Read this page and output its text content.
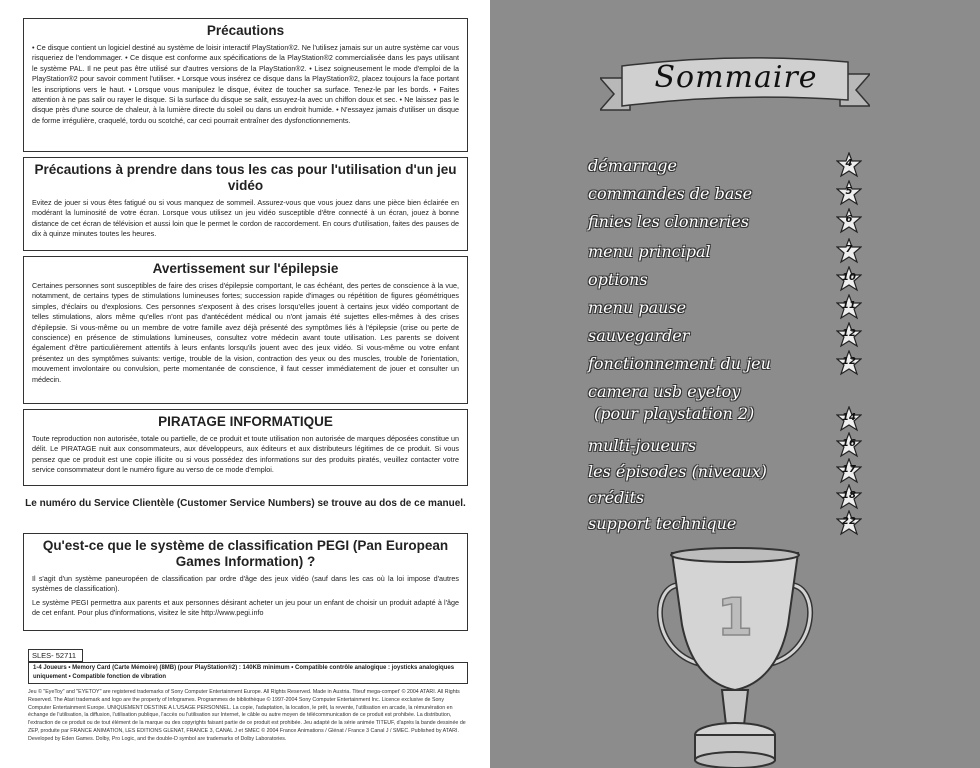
Précautions

• Ce disque contient un logiciel destiné au système de loisir interactif PlayStation®2. Ne l'utilisez jamais sur un autre système car vous risqueriez de l'endommager. • Ce disque est conforme aux spécifications de la PlayStation®2 commercialisée dans les pays utilisant le système PAL. Il ne peut pas être utilisé sur d'autres versions de la PlayStation®2. • Lisez soigneusement le mode d'emploi de la PlayStation®2 pour savoir comment l'utiliser. • Lorsque vous insérez ce disque dans la PlayStation®2, placez toujours la face portant les inscriptions vers le haut. • Lorsque vous manipulez le disque, évitez de toucher sa surface. Tenez-le par les bords. • Faites attention à ne pas salir ou rayer le disque. Si la surface du disque se salit, essuyez-la avec un chiffon doux et sec. • Ne laissez pas le disque près d'une source de chaleur, à la lumière directe du soleil ou dans un endroit humide. • N'essayez jamais d'utiliser un disque de forme irrégulière, craquelé, tordu ou scotché, car ceci pourrait entraîner des dysfonctionnements.

Précautions à prendre dans tous les cas pour l'utilisation d'un jeu vidéo

Evitez de jouer si vous êtes fatigué ou si vous manquez de sommeil. Assurez-vous que vous jouez dans une pièce bien éclairée en modérant la luminosité de votre écran. Lorsque vous utilisez un jeu vidéo susceptible d'être connecté à un écran, jouez à bonne distance de cet écran de télévision et aussi loin que le permet le cordon de raccordement. En cours d'utilisation, faites des pauses de dix à quinze minutes toutes les heures.

Avertissement sur l'épilepsie

Certaines personnes sont susceptibles de faire des crises d'épilepsie comportant, le cas échéant, des pertes de conscience à la vue, notamment, de certains types de stimulations lumineuses fortes; succession rapide d'images ou répétition de figures géométriques simples, d'éclairs ou d'explosions. Ces personnes s'exposent à des crises lorsqu'elles jouent à certains jeux vidéo comportant de telles stimulations, alors même qu'elles n'ont pas d'antécédent médical ou n'ont jamais été sujettes elles-mêmes à des crises d'épilepsie. Si vous-même ou un membre de votre famille avez déjà présenté des symptômes liés à l'épilepsie (crise ou perte de conscience) en présence de stimulations lumineuses, consultez votre médecin avant toute utilisation. Les parents se doivent également d'être particulièrement attentifs à leurs enfants lorsqu'ils jouent avec des jeux vidéo. Si vous-même ou votre enfant présentez un des symptômes suivants: vertige, trouble de la vision, contraction des yeux ou des muscles, trouble de l'orientation, mouvement involontaire ou convulsion, perte momentanée de conscience, il faut cesser immédiatement de jouer et consulter un médecin.

PIRATAGE INFORMATIQUE

Toute reproduction non autorisée, totale ou partielle, de ce produit et toute utilisation non autorisée de marques déposées constitue un délit. Le PIRATAGE nuit aux consommateurs, aux développeurs, aux éditeurs et aux distributeurs légitimes de ce produit. Si vous pensez que ce produit est une copie illicite ou si vous possédez des informations sur des produits piratés, veuillez contacter votre service consommateur dont le numéro figure au verso de ce mode d'emploi.

Le numéro du Service Clientèle (Customer Service Numbers) se trouve au dos de ce manuel.
Qu'est-ce que le système de classification PEGI (Pan European Games Information) ?

Il s'agit d'un système paneuropéen de classification par ordre d'âge des jeux vidéo (sauf dans les cas où la loi impose d'autres systèmes de classification).

Le système PEGI permettra aux parents et aux personnes désirant acheter un jeu pour un enfant de choisir un produit adapté à l'âge de cet enfant. Pour plus d'informations, visitez le site http://www.pegi.info

SLES- 52711
1-4 Joueurs • Memory Card (Carte Mémoire) (8MB) (pour PlayStation®2) : 140KB minimum • Compatible contrôle analogique : joysticks analogiques uniquement • Compatible fonction de vibration
Jeu © "EyeToy" and "EYETOY" are registered trademarks of Sony Computer Entertainment Europe. All Rights Reserved. Made in Austria. Titeuf mega-compet' © 2004 ATARI. All Rights Reserved. The Atari trademark and logo are the property of Infogrames. Programmes de bibliothèque © 1997-2004 Sony Computer Entertainment Inc. Licence exclusive de Sony Computer Entertainment Europe. UNIQUEMENT DESTINE A L'USAGE PERSONNEL. La copie, l'adaptation, la location, le prêt, la revente, l'utilisation en arcade, la rémunération en échange de l'utilisation, la diffusion, l'utilisation publique, l'accès ou l'utilisation sur Internet, le câble ou autre moyen de télécommunication de ce produit est prohibée. La distribution, l'extraction de ce produit ou de tout élément de la marque ou des copyrights faisant partie de ce produit est prohibée. Jeu adapté de la série animée TITEUF, d'après la bande dessinée de ZEP, produite par FRANCE ANIMATION, LES EDITIONS GLENAT, FRANCE 3, CANAL J et SMEC © 2004 France Animations / Glénat / France 3 Canal J / SMEC. Published by ATARI. Developed by Eden Games. Dolby, Pro Logic, and the double-D symbol are trademarks of Dolby Laboratories.
Sommaire
démarrage	4
commandes de base	5
finies les clonneries	6
menu principal	7
options	10
menu pause	11
sauvegarder	12
fonctionnement du jeu	12
camera usb eyetoy
(pour playstation 2)	14
multi-joueurs	16
les épisodes (niveaux)	17
crédits	18
support technique	22
1
